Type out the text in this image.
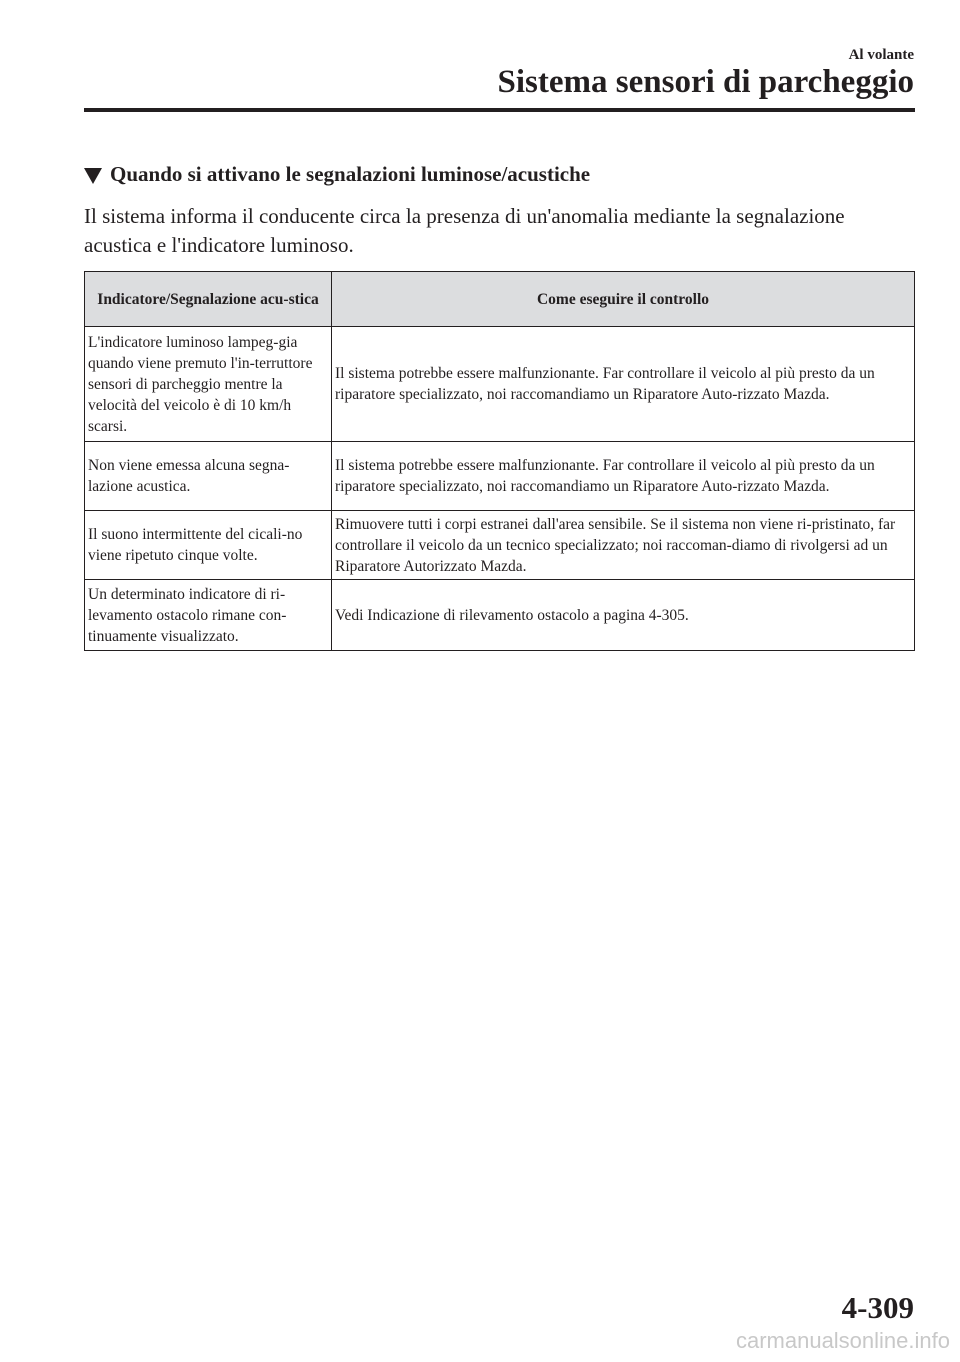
Al volante
Sistema sensori di parcheggio
Quando si attivano le segnalazioni luminose/acustiche
Il sistema informa il conducente circa la presenza di un'anomalia mediante la segnalazione acustica e l'indicatore luminoso.
Indicatore/Segnalazione acu-stica	Come eseguire il controllo
L'indicatore luminoso lampeg-gia quando viene premuto l'in-terruttore sensori di parcheggio mentre la velocità del veicolo è di 10 km/h scarsi.	Il sistema potrebbe essere malfunzionante. Far controllare il veicolo al più presto da un riparatore specializzato, noi raccomandiamo un Riparatore Auto-rizzato Mazda.
Non viene emessa alcuna segna-lazione acustica.	Il sistema potrebbe essere malfunzionante. Far controllare il veicolo al più presto da un riparatore specializzato, noi raccomandiamo un Riparatore Auto-rizzato Mazda.
Il suono intermittente del cicali-no viene ripetuto cinque volte.	Rimuovere tutti i corpi estranei dall'area sensibile. Se il sistema non viene ri-pristinato, far controllare il veicolo da un tecnico specializzato; noi raccoman-diamo di rivolgersi ad un Riparatore Autorizzato Mazda.
Un determinato indicatore di ri-levamento ostacolo rimane con-tinuamente visualizzato.	Vedi Indicazione di rilevamento ostacolo a pagina 4-305.
4-309
carmanualsonline.info
